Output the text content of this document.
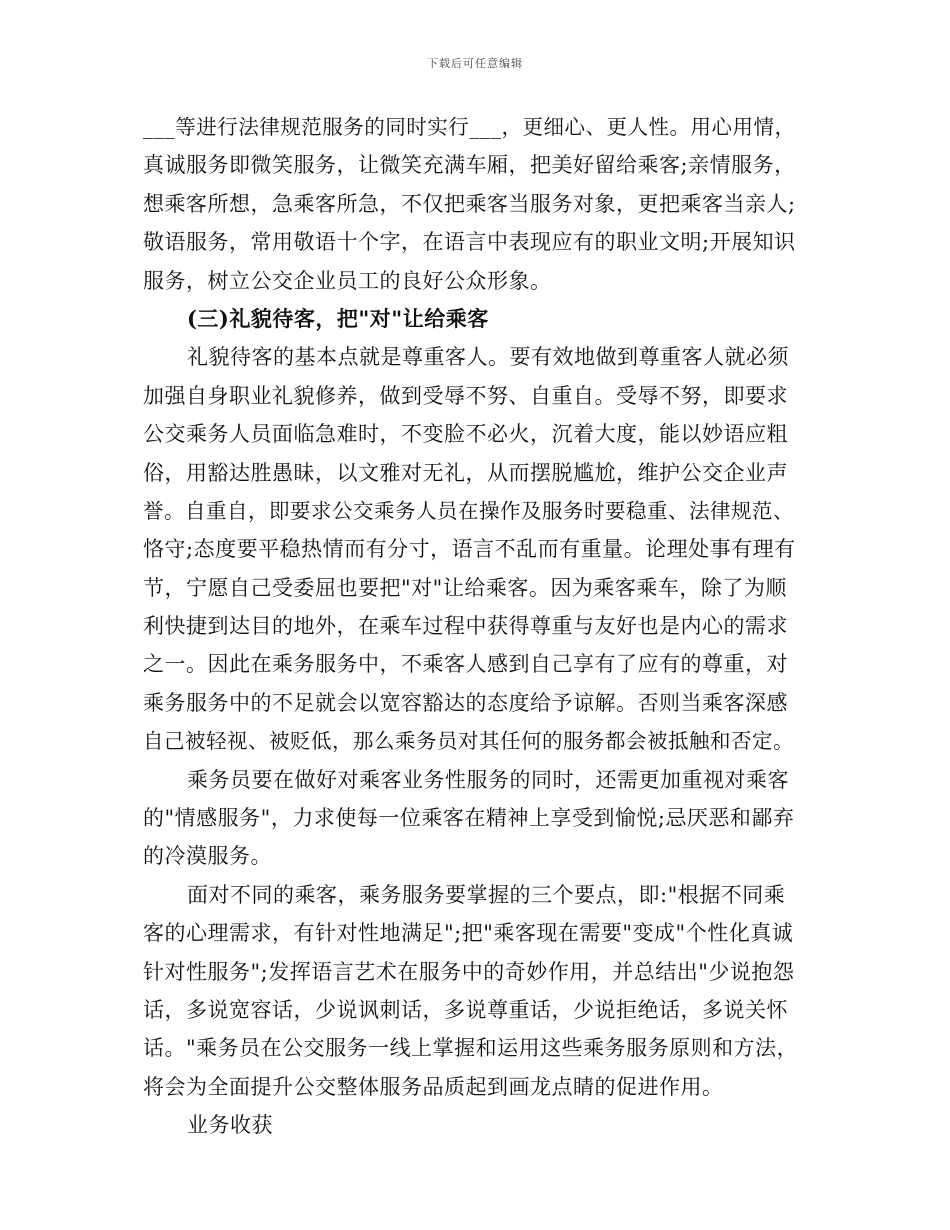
下载后可任意编辑
___等进行法律规范服务的同时实行___，更细心、更人性。用心用情，
真诚服务即微笑服务，让微笑充满车厢，把美好留给乘客;亲情服务，
想乘客所想，急乘客所急，不仅把乘客当服务对象，更把乘客当亲人;
敬语服务，常用敬语十个字，在语言中表现应有的职业文明;开展知识
服务，树立公交企业员工的良好公众形象。
(三)礼貌待客，把"对"让给乘客
礼貌待客的基本点就是尊重客人。要有效地做到尊重客人就必须
加强自身职业礼貌修养，做到受辱不努、自重自。受辱不努，即要求
公交乘务人员面临急难时，不变脸不必火，沉着大度，能以妙语应粗
俗，用豁达胜愚昧，以文雅对无礼，从而摆脱尴尬，维护公交企业声
誉。自重自，即要求公交乘务人员在操作及服务时要稳重、法律规范、
恪守;态度要平稳热情而有分寸，语言不乱而有重量。论理处事有理有
节，宁愿自己受委屈也要把"对"让给乘客。因为乘客乘车，除了为顺
利快捷到达目的地外，在乘车过程中获得尊重与友好也是内心的需求
之一。因此在乘务服务中，不乘客人感到自己享有了应有的尊重，对
乘务服务中的不足就会以宽容豁达的态度给予谅解。否则当乘客深感
自己被轻视、被贬低，那么乘务员对其任何的服务都会被抵触和否定。
乘务员要在做好对乘客业务性服务的同时，还需更加重视对乘客
的"情感服务"，力求使每一位乘客在精神上享受到愉悦;忌厌恶和鄙弃
的冷漠服务。
面对不同的乘客，乘务服务要掌握的三个要点，即:"根据不同乘
客的心理需求，有针对性地满足";把"乘客现在需要"变成"个性化真诚
针对性服务";发挥语言艺术在服务中的奇妙作用，并总结出"少说抱怨
话，多说宽容话，少说讽刺话，多说尊重话，少说拒绝话，多说关怀
话。"乘务员在公交服务一线上掌握和运用这些乘务服务原则和方法，
将会为全面提升公交整体服务品质起到画龙点睛的促进作用。
业务收获
